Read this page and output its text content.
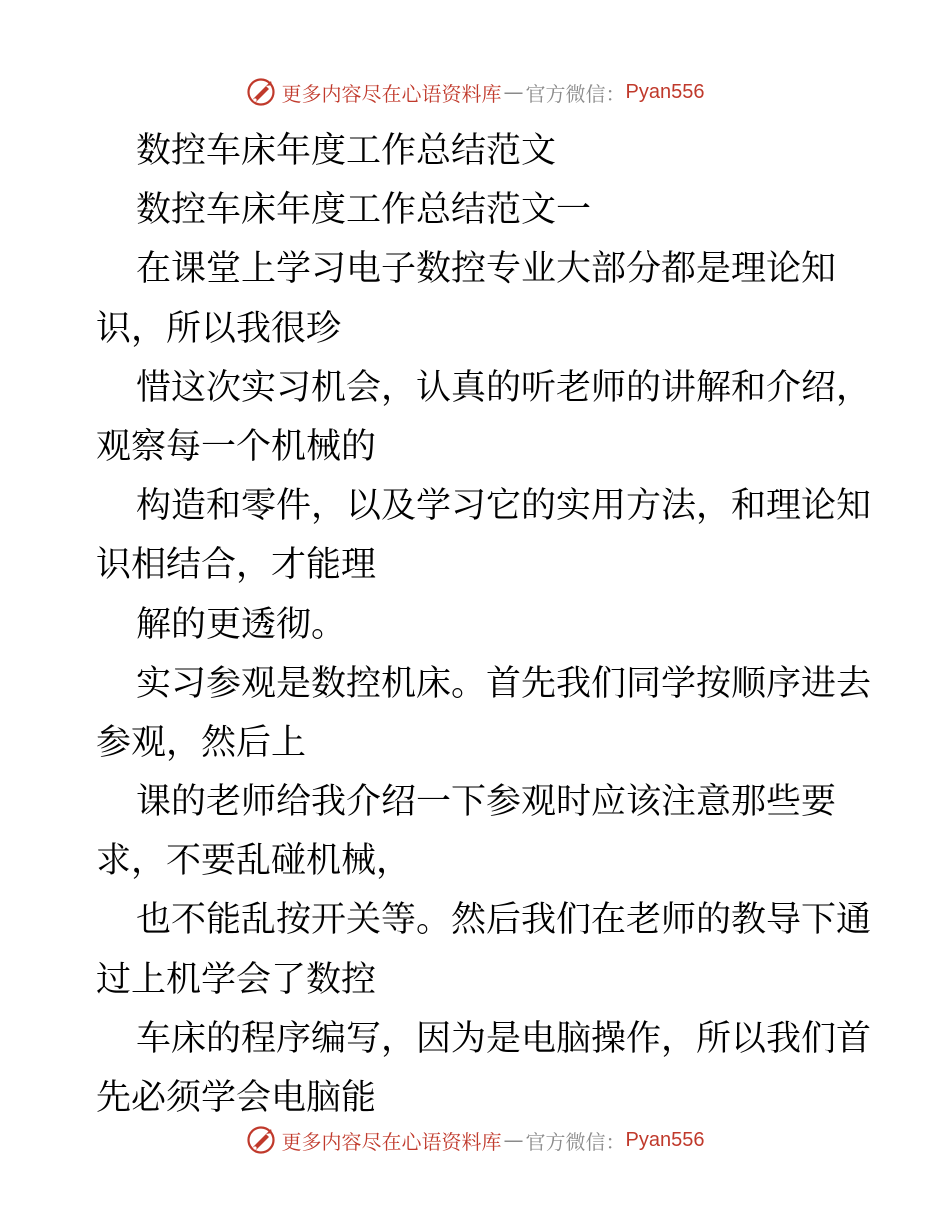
更多内容尽在心语资料库 — 官方微信： Pyan556
数控车床年度工作总结范文
数控车床年度工作总结范文一
在课堂上学习电子数控专业大部分都是理论知
识，所以我很珍
惜这次实习机会，认真的听老师的讲解和介绍，
观察每一个机械的
构造和零件，以及学习它的实用方法，和理论知
识相结合，才能理
解的更透彻。
实习参观是数控机床。首先我们同学按顺序进去
参观，然后上
课的老师给我介绍一下参观时应该注意那些要
求，不要乱碰机械，
也不能乱按开关等。然后我们在老师的教导下通
过上机学会了数控
车床的程序编写，因为是电脑操作，所以我们首
先必须学会电脑能
更多内容尽在心语资料库 — 官方微信： Pyan556
